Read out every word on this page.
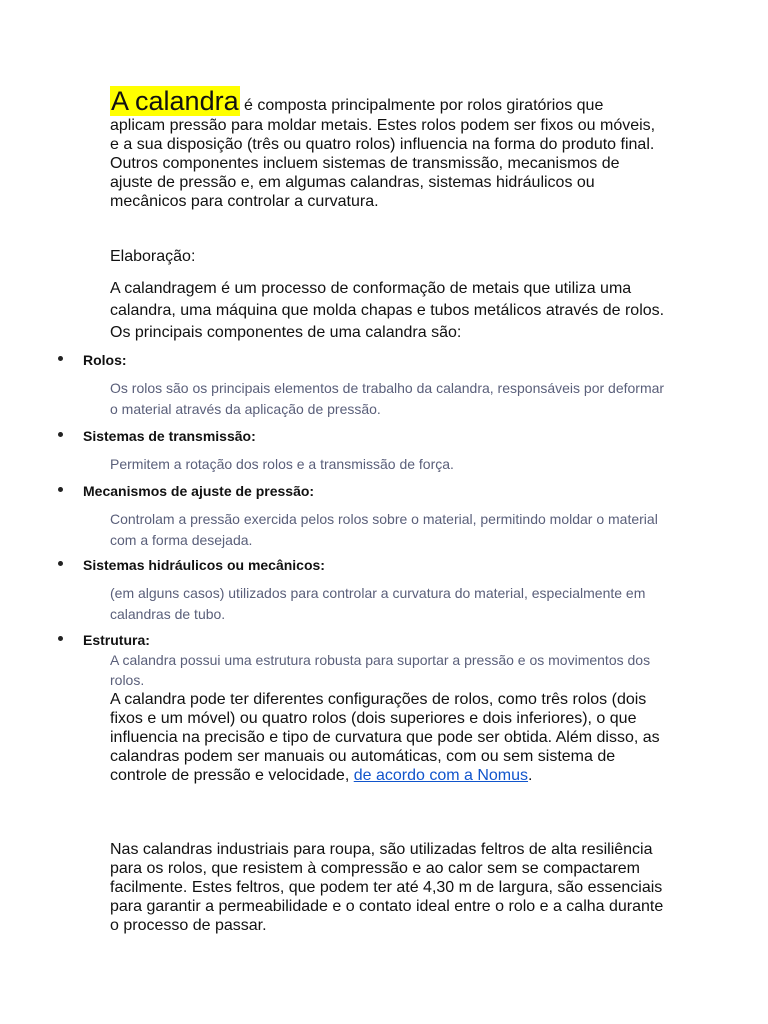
A calandra é composta principalmente por rolos giratórios que aplicam pressão para moldar metais. Estes rolos podem ser fixos ou móveis, e a sua disposição (três ou quatro rolos) influencia na forma do produto final. Outros componentes incluem sistemas de transmissão, mecanismos de ajuste de pressão e, em algumas calandras, sistemas hidráulicos ou mecânicos para controlar a curvatura.

Elaboração:

A calandragem é um processo de conformação de metais que utiliza uma calandra, uma máquina que molda chapas e tubos metálicos através de rolos. Os principais componentes de uma calandra são:

Rolos:

Os rolos são os principais elementos de trabalho da calandra, responsáveis por deformar o material através da aplicação de pressão.

Sistemas de transmissão:

Permitem a rotação dos rolos e a transmissão de força.

Mecanismos de ajuste de pressão:

Controlam a pressão exercida pelos rolos sobre o material, permitindo moldar o material com a forma desejada.

Sistemas hidráulicos ou mecânicos:

(em alguns casos) utilizados para controlar a curvatura do material, especialmente em calandras de tubo.

Estrutura:

A calandra possui uma estrutura robusta para suportar a pressão e os movimentos dos rolos.

A calandra pode ter diferentes configurações de rolos, como três rolos (dois fixos e um móvel) ou quatro rolos (dois superiores e dois inferiores), o que influencia na precisão e tipo de curvatura que pode ser obtida. Além disso, as calandras podem ser manuais ou automáticas, com ou sem sistema de controle de pressão e velocidade, de acordo com a Nomus.

Nas calandras industriais para roupa, são utilizadas feltros de alta resiliência para os rolos, que resistem à compressão e ao calor sem se compactarem facilmente. Estes feltros, que podem ter até 4,30 m de largura, são essenciais para garantir a permeabilidade e o contato ideal entre o rolo e a calha durante o processo de passar.
